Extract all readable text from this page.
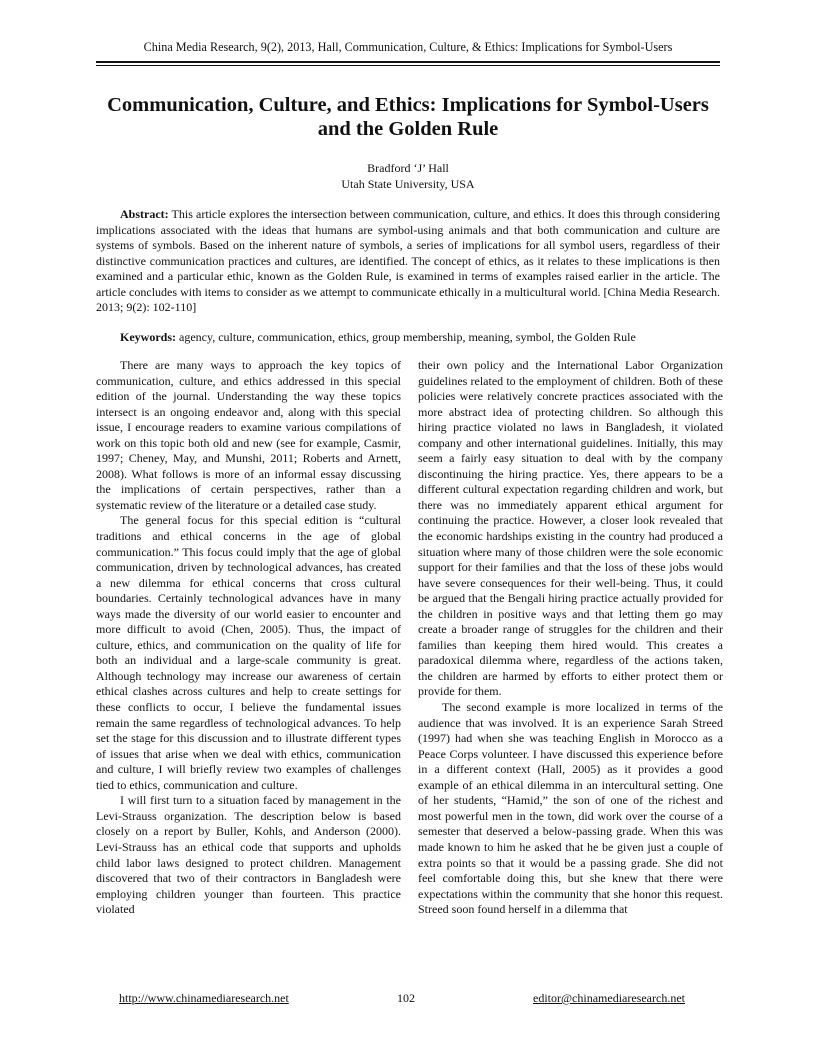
China Media Research, 9(2), 2013, Hall, Communication, Culture, & Ethics: Implications for Symbol-Users
Communication, Culture, and Ethics: Implications for Symbol-Users and the Golden Rule
Bradford ‘J’ Hall
Utah State University, USA

Abstract: This article explores the intersection between communication, culture, and ethics. It does this through considering implications associated with the ideas that humans are symbol-using animals and that both communication and culture are systems of symbols. Based on the inherent nature of symbols, a series of implications for all symbol users, regardless of their distinctive communication practices and cultures, are identified. The concept of ethics, as it relates to these implications is then examined and a particular ethic, known as the Golden Rule, is examined in terms of examples raised earlier in the article. The article concludes with items to consider as we attempt to communicate ethically in a multicultural world. [China Media Research. 2013; 9(2): 102-110]

Keywords: agency, culture, communication, ethics, group membership, meaning, symbol, the Golden Rule

There are many ways to approach the key topics of communication, culture, and ethics addressed in this special edition of the journal. Understanding the way these topics intersect is an ongoing endeavor and, along with this special issue, I encourage readers to examine various compilations of work on this topic both old and new (see for example, Casmir, 1997; Cheney, May, and Munshi, 2011; Roberts and Arnett, 2008). What follows is more of an informal essay discussing the implications of certain perspectives, rather than a systematic review of the literature or a detailed case study.

The general focus for this special edition is “cultural traditions and ethical concerns in the age of global communication.” This focus could imply that the age of global communication, driven by technological advances, has created a new dilemma for ethical concerns that cross cultural boundaries. Certainly technological advances have in many ways made the diversity of our world easier to encounter and more difficult to avoid (Chen, 2005). Thus, the impact of culture, ethics, and communication on the quality of life for both an individual and a large-scale community is great. Although technology may increase our awareness of certain ethical clashes across cultures and help to create settings for these conflicts to occur, I believe the fundamental issues remain the same regardless of technological advances. To help set the stage for this discussion and to illustrate different types of issues that arise when we deal with ethics, communication and culture, I will briefly review two examples of challenges tied to ethics, communication and culture.

I will first turn to a situation faced by management in the Levi-Strauss organization. The description below is based closely on a report by Buller, Kohls, and Anderson (2000). Levi-Strauss has an ethical code that supports and upholds child labor laws designed to protect children. Management discovered that two of their contractors in Bangladesh were employing children younger than fourteen. This practice violated

their own policy and the International Labor Organization guidelines related to the employment of children. Both of these policies were relatively concrete practices associated with the more abstract idea of protecting children. So although this hiring practice violated no laws in Bangladesh, it violated company and other international guidelines. Initially, this may seem a fairly easy situation to deal with by the company discontinuing the hiring practice. Yes, there appears to be a different cultural expectation regarding children and work, but there was no immediately apparent ethical argument for continuing the practice. However, a closer look revealed that the economic hardships existing in the country had produced a situation where many of those children were the sole economic support for their families and that the loss of these jobs would have severe consequences for their well-being. Thus, it could be argued that the Bengali hiring practice actually provided for the children in positive ways and that letting them go may create a broader range of struggles for the children and their families than keeping them hired would. This creates a paradoxical dilemma where, regardless of the actions taken, the children are harmed by efforts to either protect them or provide for them.

The second example is more localized in terms of the audience that was involved. It is an experience Sarah Streed (1997) had when she was teaching English in Morocco as a Peace Corps volunteer. I have discussed this experience before in a different context (Hall, 2005) as it provides a good example of an ethical dilemma in an intercultural setting. One of her students, “Hamid,” the son of one of the richest and most powerful men in the town, did work over the course of a semester that deserved a below-passing grade. When this was made known to him he asked that he be given just a couple of extra points so that it would be a passing grade. She did not feel comfortable doing this, but she knew that there were expectations within the community that she honor this request. Streed soon found herself in a dilemma that

http://www.chinamediaresearch.net	102	editor@chinamediaresearch.net
